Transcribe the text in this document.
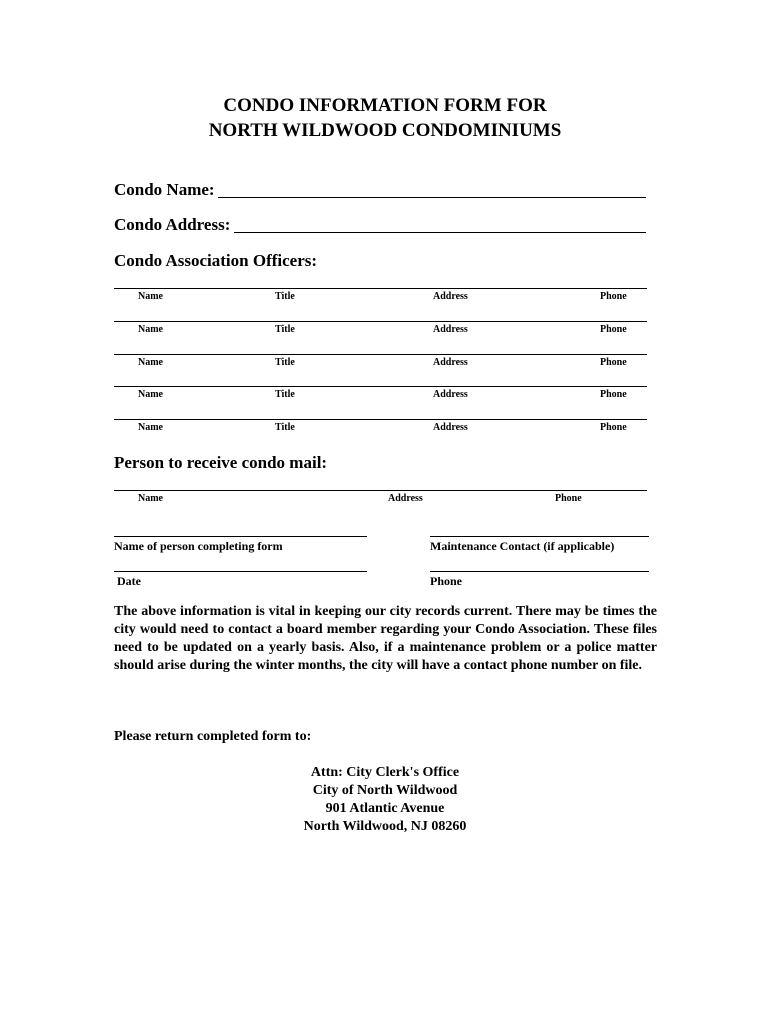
CONDO INFORMATION FORM FOR
NORTH WILDWOOD CONDOMINIUMS
Condo Name:
Condo Address:
Condo Association Officers:
Name	Title	Address	Phone
Name	Title	Address	Phone
Name	Title	Address	Phone
Name	Title	Address	Phone
Name	Title	Address	Phone
Person to receive condo mail:
Name	Address	Phone
Name of person completing form	Maintenance Contact (if applicable)
Date	Phone
The above information is vital in keeping our city records current. There may be times the city would need to contact a board member regarding your Condo Association. These files need to be updated on a yearly basis. Also, if a maintenance problem or a police matter should arise during the winter months, the city will have a contact phone number on file.
Please return completed form to:
Attn: City Clerk's Office
City of North Wildwood
901 Atlantic Avenue
North Wildwood, NJ 08260
